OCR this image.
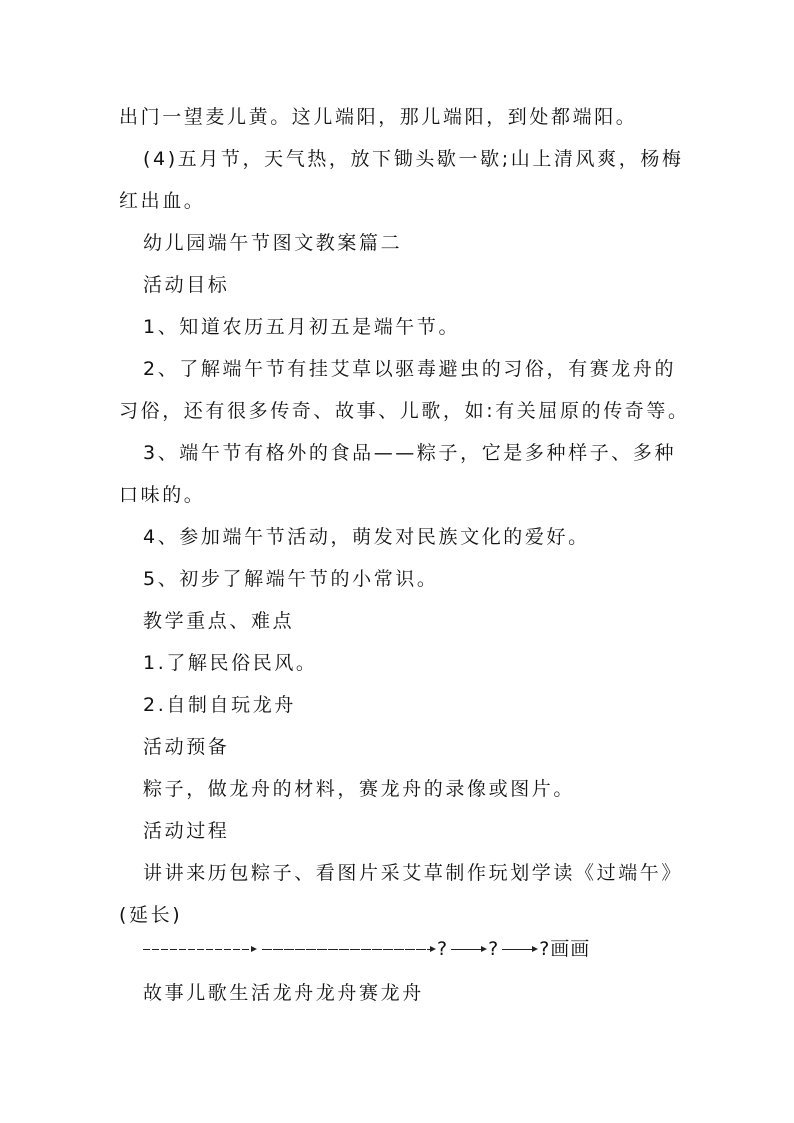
出门一望麦儿黄。这儿端阳，那儿端阳，到处都端阳。
(4)五月节，天气热，放下锄头歇一歇;山上清风爽，杨梅
红出血。
幼儿园端午节图文教案篇二
活动目标
1、知道农历五月初五是端午节。
2、了解端午节有挂艾草以驱毒避虫的习俗，有赛龙舟的
习俗，还有很多传奇、故事、儿歌，如:有关屈原的传奇等。
3、端午节有格外的食品——粽子，它是多种样子、多种
口味的。
4、参加端午节活动，萌发对民族文化的爱好。
5、初步了解端午节的小常识。
教学重点、难点
1.了解民俗民风。
2.自制自玩龙舟
活动预备
粽子，做龙舟的材料，赛龙舟的录像或图片。
活动过程
讲讲来历包粽子、看图片采艾草制作玩划学读《过端午》
(延长)
? ? ?画画
故事儿歌生活龙舟龙舟赛龙舟
